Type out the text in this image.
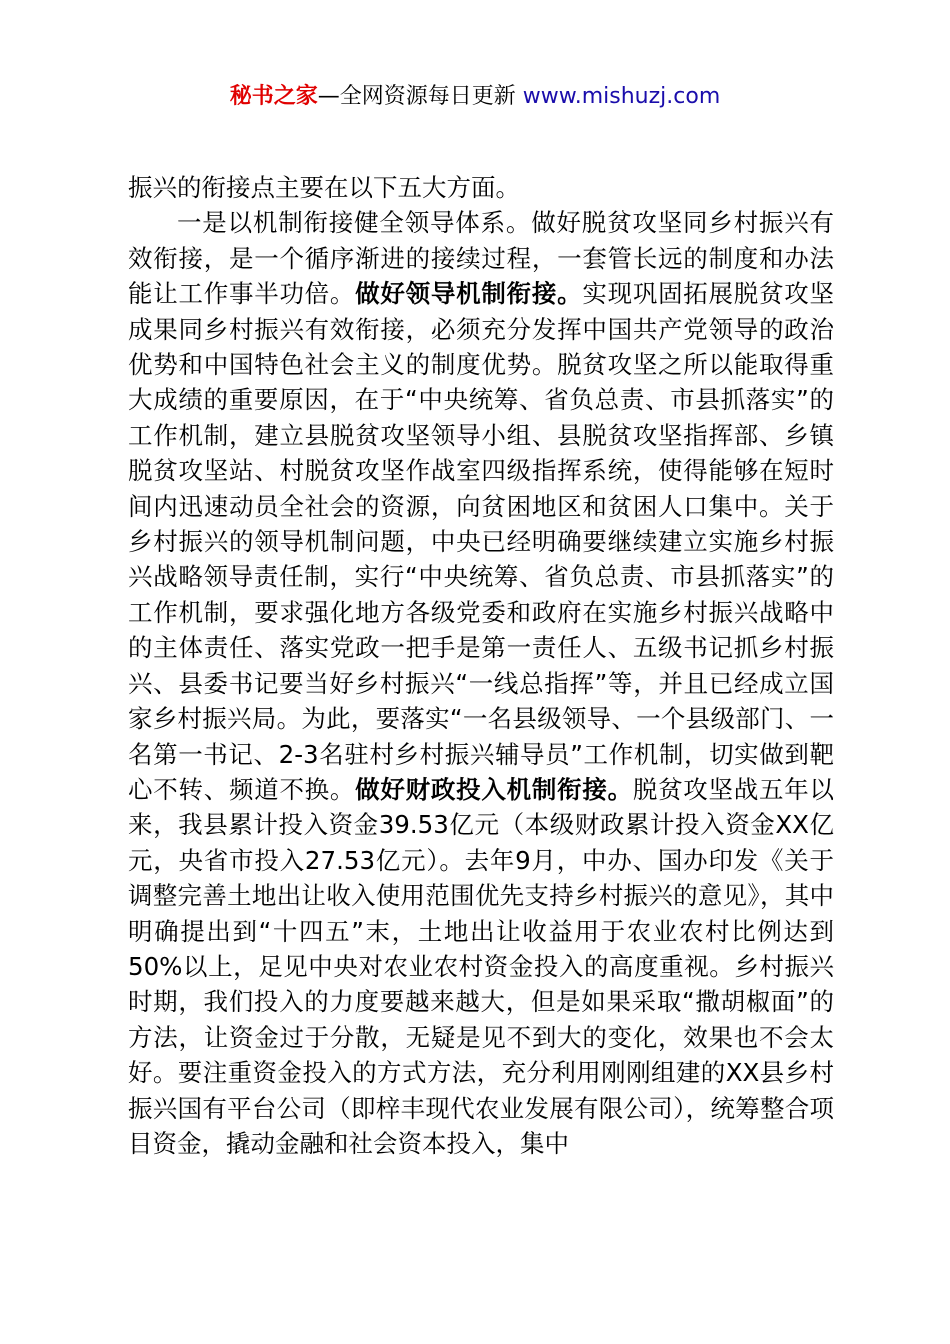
秘书之家—全网资源每日更新 www.mishuzj.com

振兴的衔接点主要在以下五大方面。

一是以机制衔接健全领导体系。做好脱贫攻坚同乡村振兴有效衔接，是一个循序渐进的接续过程，一套管长远的制度和办法能让工作事半功倍。做好领导机制衔接。实现巩固拓展脱贫攻坚成果同乡村振兴有效衔接，必须充分发挥中国共产党领导的政治优势和中国特色社会主义的制度优势。脱贫攻坚之所以能取得重大成绩的重要原因，在于“中央统筹、省负总责、市县抓落实”的工作机制，建立县脱贫攻坚领导小组、县脱贫攻坚指挥部、乡镇脱贫攻坚站、村脱贫攻坚作战室四级指挥系统，使得能够在短时间内迅速动员全社会的资源，向贫困地区和贫困人口集中。关于乡村振兴的领导机制问题，中央已经明确要继续建立实施乡村振兴战略领导责任制，实行“中央统筹、省负总责、市县抓落实”的工作机制，要求强化地方各级党委和政府在实施乡村振兴战略中的主体责任、落实党政一把手是第一责任人、五级书记抓乡村振兴、县委书记要当好乡村振兴“一线总指挥”等，并且已经成立国家乡村振兴局。为此，要落实“一名县级领导、一个县级部门、一名第一书记、2-3名驻村乡村振兴辅导员”工作机制，切实做到靶心不转、频道不换。做好财政投入机制衔接。脱贫攻坚战五年以来，我县累计投入资金39.53亿元（本级财政累计投入资金XX亿元，央省市投入27.53亿元）。去年9月，中办、国办印发《关于调整完善土地出让收入使用范围优先支持乡村振兴的意见》，其中明确提出到“十四五”末，土地出让收益用于农业农村比例达到50%以上，足见中央对农业农村资金投入的高度重视。乡村振兴时期，我们投入的力度要越来越大，但是如果采取“撒胡椒面”的方法，让资金过于分散，无疑是见不到大的变化，效果也不会太好。要注重资金投入的方式方法，充分利用刚刚组建的XX县乡村振兴国有平台公司（即梓丰现代农业发展有限公司），统筹整合项目资金，撬动金融和社会资本投入，集中
